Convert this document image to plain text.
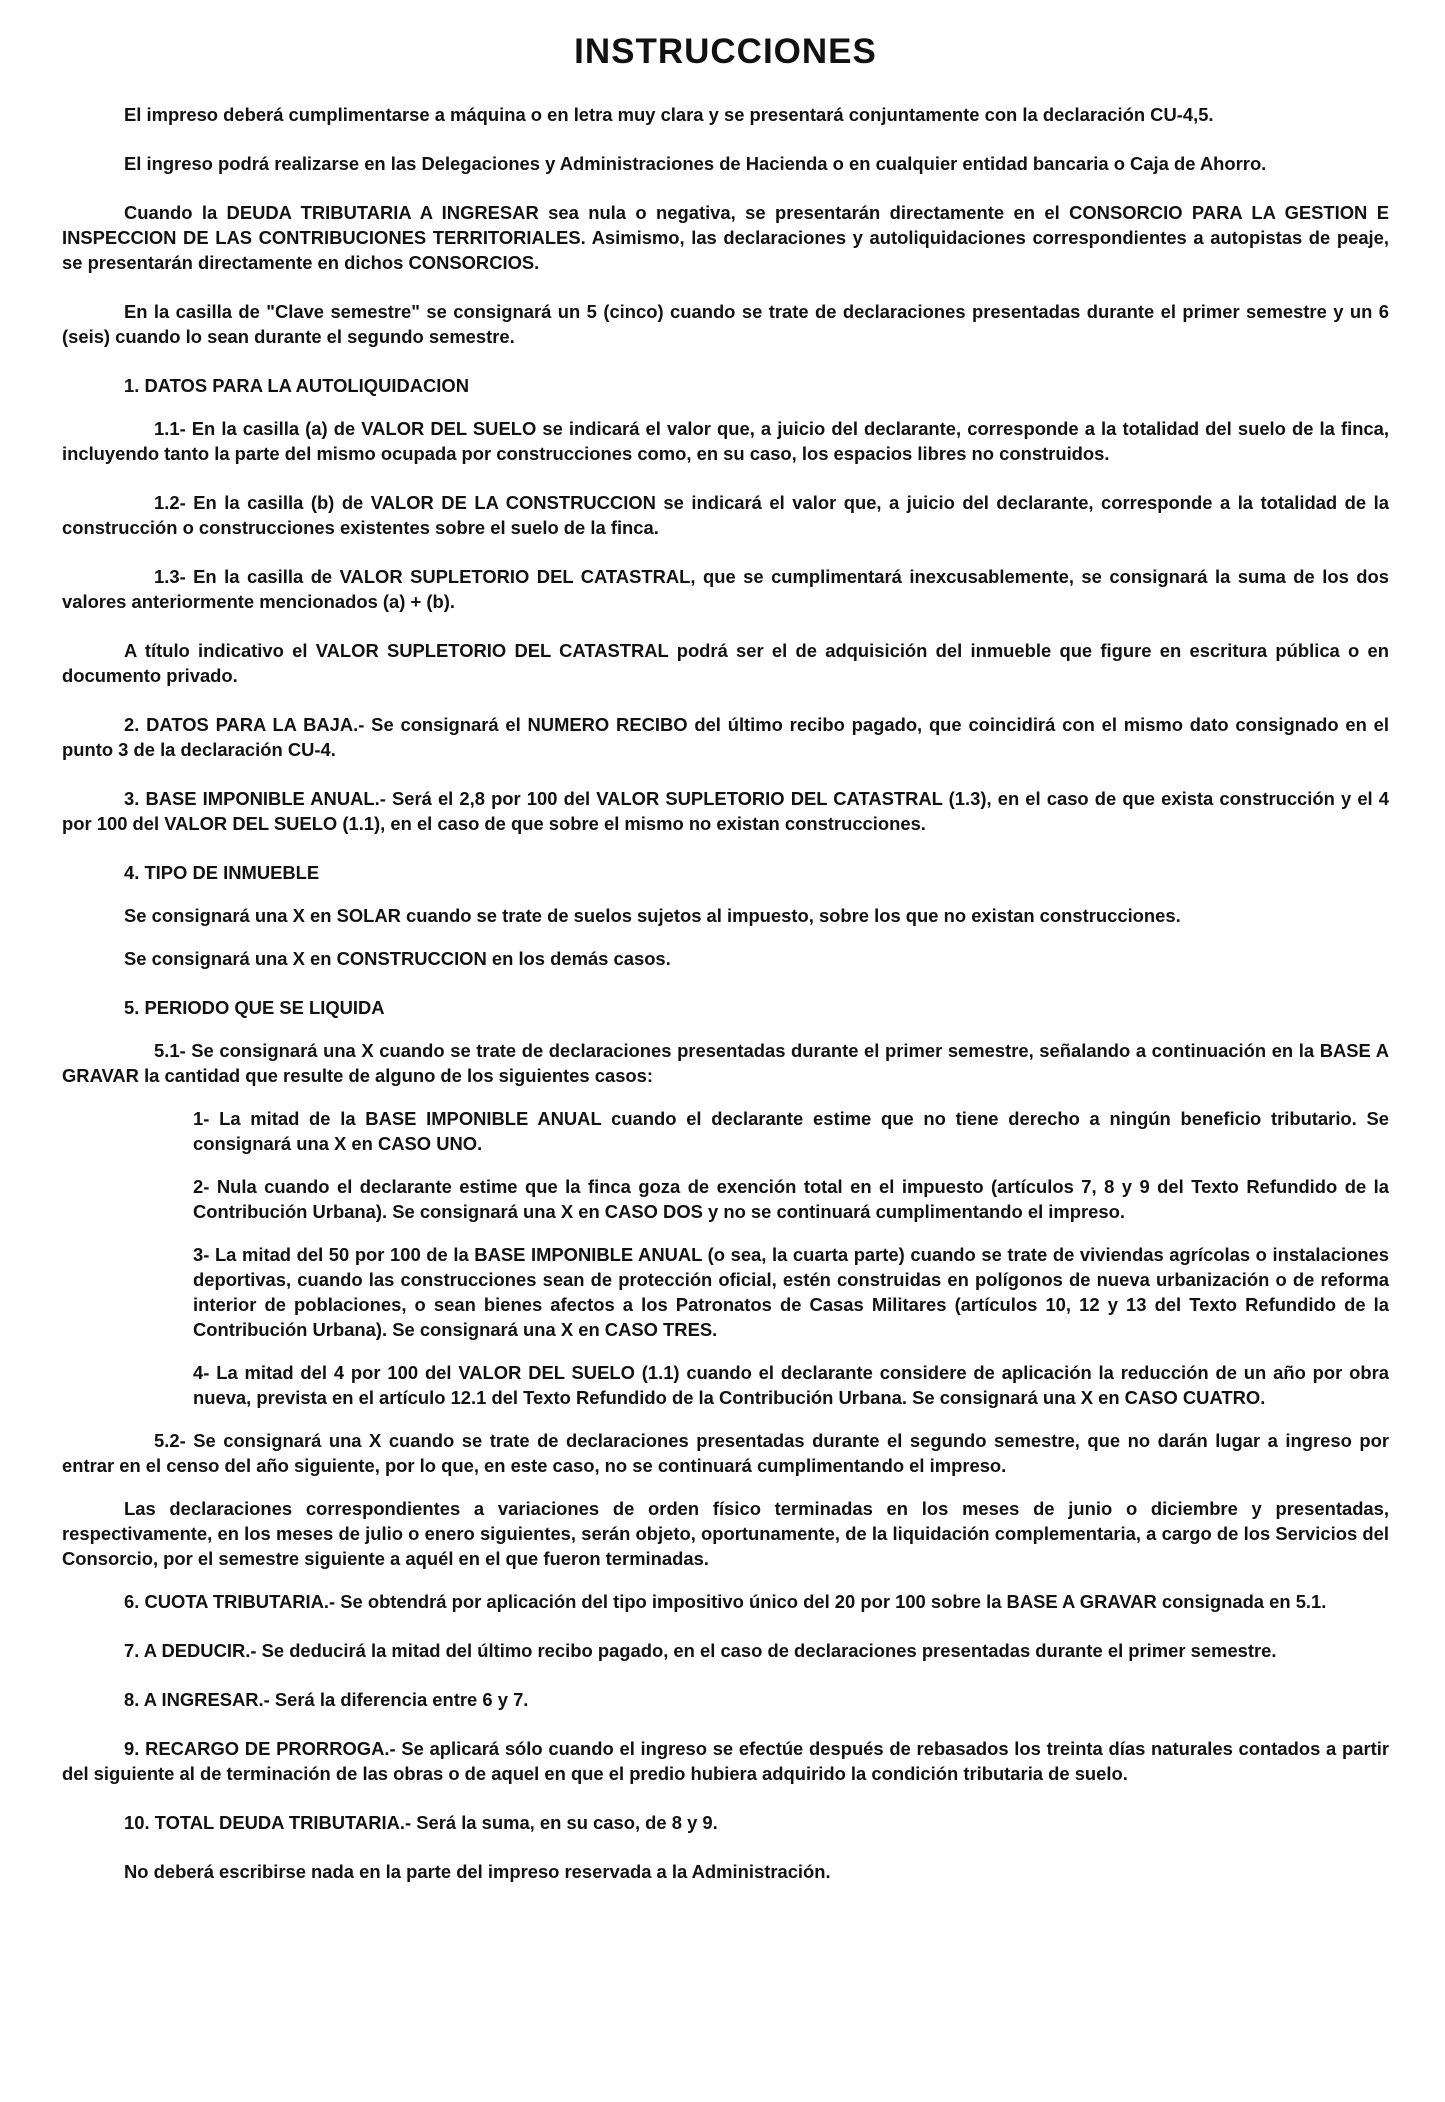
INSTRUCCIONES

El impreso deberá cumplimentarse a máquina o en letra muy clara y se presentará conjuntamente con la declaración CU-4,5.

El ingreso podrá realizarse en las Delegaciones y Administraciones de Hacienda o en cualquier entidad bancaria o Caja de Ahorro.

Cuando la DEUDA TRIBUTARIA A INGRESAR sea nula o negativa, se presentarán directamente en el CONSORCIO PARA LA GESTION E INSPECCION DE LAS CONTRIBUCIONES TERRITORIALES. Asimismo, las declaraciones y autoliquidaciones correspondientes a autopistas de peaje, se presentarán directamente en dichos CONSORCIOS.

En la casilla de "Clave semestre" se consignará un 5 (cinco) cuando se trate de declaraciones presentadas durante el primer semestre y un 6 (seis) cuando lo sean durante el segundo semestre.

1. DATOS PARA LA AUTOLIQUIDACION

1.1- En la casilla (a) de VALOR DEL SUELO se indicará el valor que, a juicio del declarante, corresponde a la totalidad del suelo de la finca, incluyendo tanto la parte del mismo ocupada por construcciones como, en su caso, los espacios libres no construidos.

1.2- En la casilla (b) de VALOR DE LA CONSTRUCCION se indicará el valor que, a juicio del declarante, corresponde a la totalidad de la construcción o construcciones existentes sobre el suelo de la finca.

1.3- En la casilla de VALOR SUPLETORIO DEL CATASTRAL, que se cumplimentará inexcusablemente, se consignará la suma de los dos valores anteriormente mencionados (a) + (b).

A título indicativo el VALOR SUPLETORIO DEL CATASTRAL podrá ser el de adquisición del inmueble que figure en escritura pública o en documento privado.

2. DATOS PARA LA BAJA.- Se consignará el NUMERO RECIBO del último recibo pagado, que coincidirá con el mismo dato consignado en el punto 3 de la declaración CU-4.

3. BASE IMPONIBLE ANUAL.- Será el 2,8 por 100 del VALOR SUPLETORIO DEL CATASTRAL (1.3), en el caso de que exista construcción y el 4 por 100 del VALOR DEL SUELO (1.1), en el caso de que sobre el mismo no existan construcciones.

4. TIPO DE INMUEBLE

Se consignará una X en SOLAR cuando se trate de suelos sujetos al impuesto, sobre los que no existan construcciones.

Se consignará una X en CONSTRUCCION en los demás casos.

5. PERIODO QUE SE LIQUIDA

5.1- Se consignará una X cuando se trate de declaraciones presentadas durante el primer semestre, señalando a continuación en la BASE A GRAVAR la cantidad que resulte de alguno de los siguientes casos:

1- La mitad de la BASE IMPONIBLE ANUAL cuando el declarante estime que no tiene derecho a ningún beneficio tributario. Se consignará una X en CASO UNO.

2- Nula cuando el declarante estime que la finca goza de exención total en el impuesto (artículos 7, 8 y 9 del Texto Refundido de la Contribución Urbana). Se consignará una X en CASO DOS y no se continuará cumplimentando el impreso.

3- La mitad del 50 por 100 de la BASE IMPONIBLE ANUAL (o sea, la cuarta parte) cuando se trate de viviendas agrícolas o instalaciones deportivas, cuando las construcciones sean de protección oficial, estén construidas en polígonos de nueva urbanización o de reforma interior de poblaciones, o sean bienes afectos a los Patronatos de Casas Militares (artículos 10, 12 y 13 del Texto Refundido de la Contribución Urbana). Se consignará una X en CASO TRES.

4- La mitad del 4 por 100 del VALOR DEL SUELO (1.1) cuando el declarante considere de aplicación la reducción de un año por obra nueva, prevista en el artículo 12.1 del Texto Refundido de la Contribución Urbana. Se consignará una X en CASO CUATRO.

5.2- Se consignará una X cuando se trate de declaraciones presentadas durante el segundo semestre, que no darán lugar a ingreso por entrar en el censo del año siguiente, por lo que, en este caso, no se continuará cumplimentando el impreso.

Las declaraciones correspondientes a variaciones de orden físico terminadas en los meses de junio o diciembre y presentadas, respectivamente, en los meses de julio o enero siguientes, serán objeto, oportunamente, de la liquidación complementaria, a cargo de los Servicios del Consorcio, por el semestre siguiente a aquél en el que fueron terminadas.

6. CUOTA TRIBUTARIA.- Se obtendrá por aplicación del tipo impositivo único del 20 por 100 sobre la BASE A GRAVAR consignada en 5.1.

7. A DEDUCIR.- Se deducirá la mitad del último recibo pagado, en el caso de declaraciones presentadas durante el primer semestre.

8. A INGRESAR.- Será la diferencia entre 6 y 7.

9. RECARGO DE PRORROGA.- Se aplicará sólo cuando el ingreso se efectúe después de rebasados los treinta días naturales contados a partir del siguiente al de terminación de las obras o de aquel en que el predio hubiera adquirido la condición tributaria de suelo.

10. TOTAL DEUDA TRIBUTARIA.- Será la suma, en su caso, de 8 y 9.

No deberá escribirse nada en la parte del impreso reservada a la Administración.
